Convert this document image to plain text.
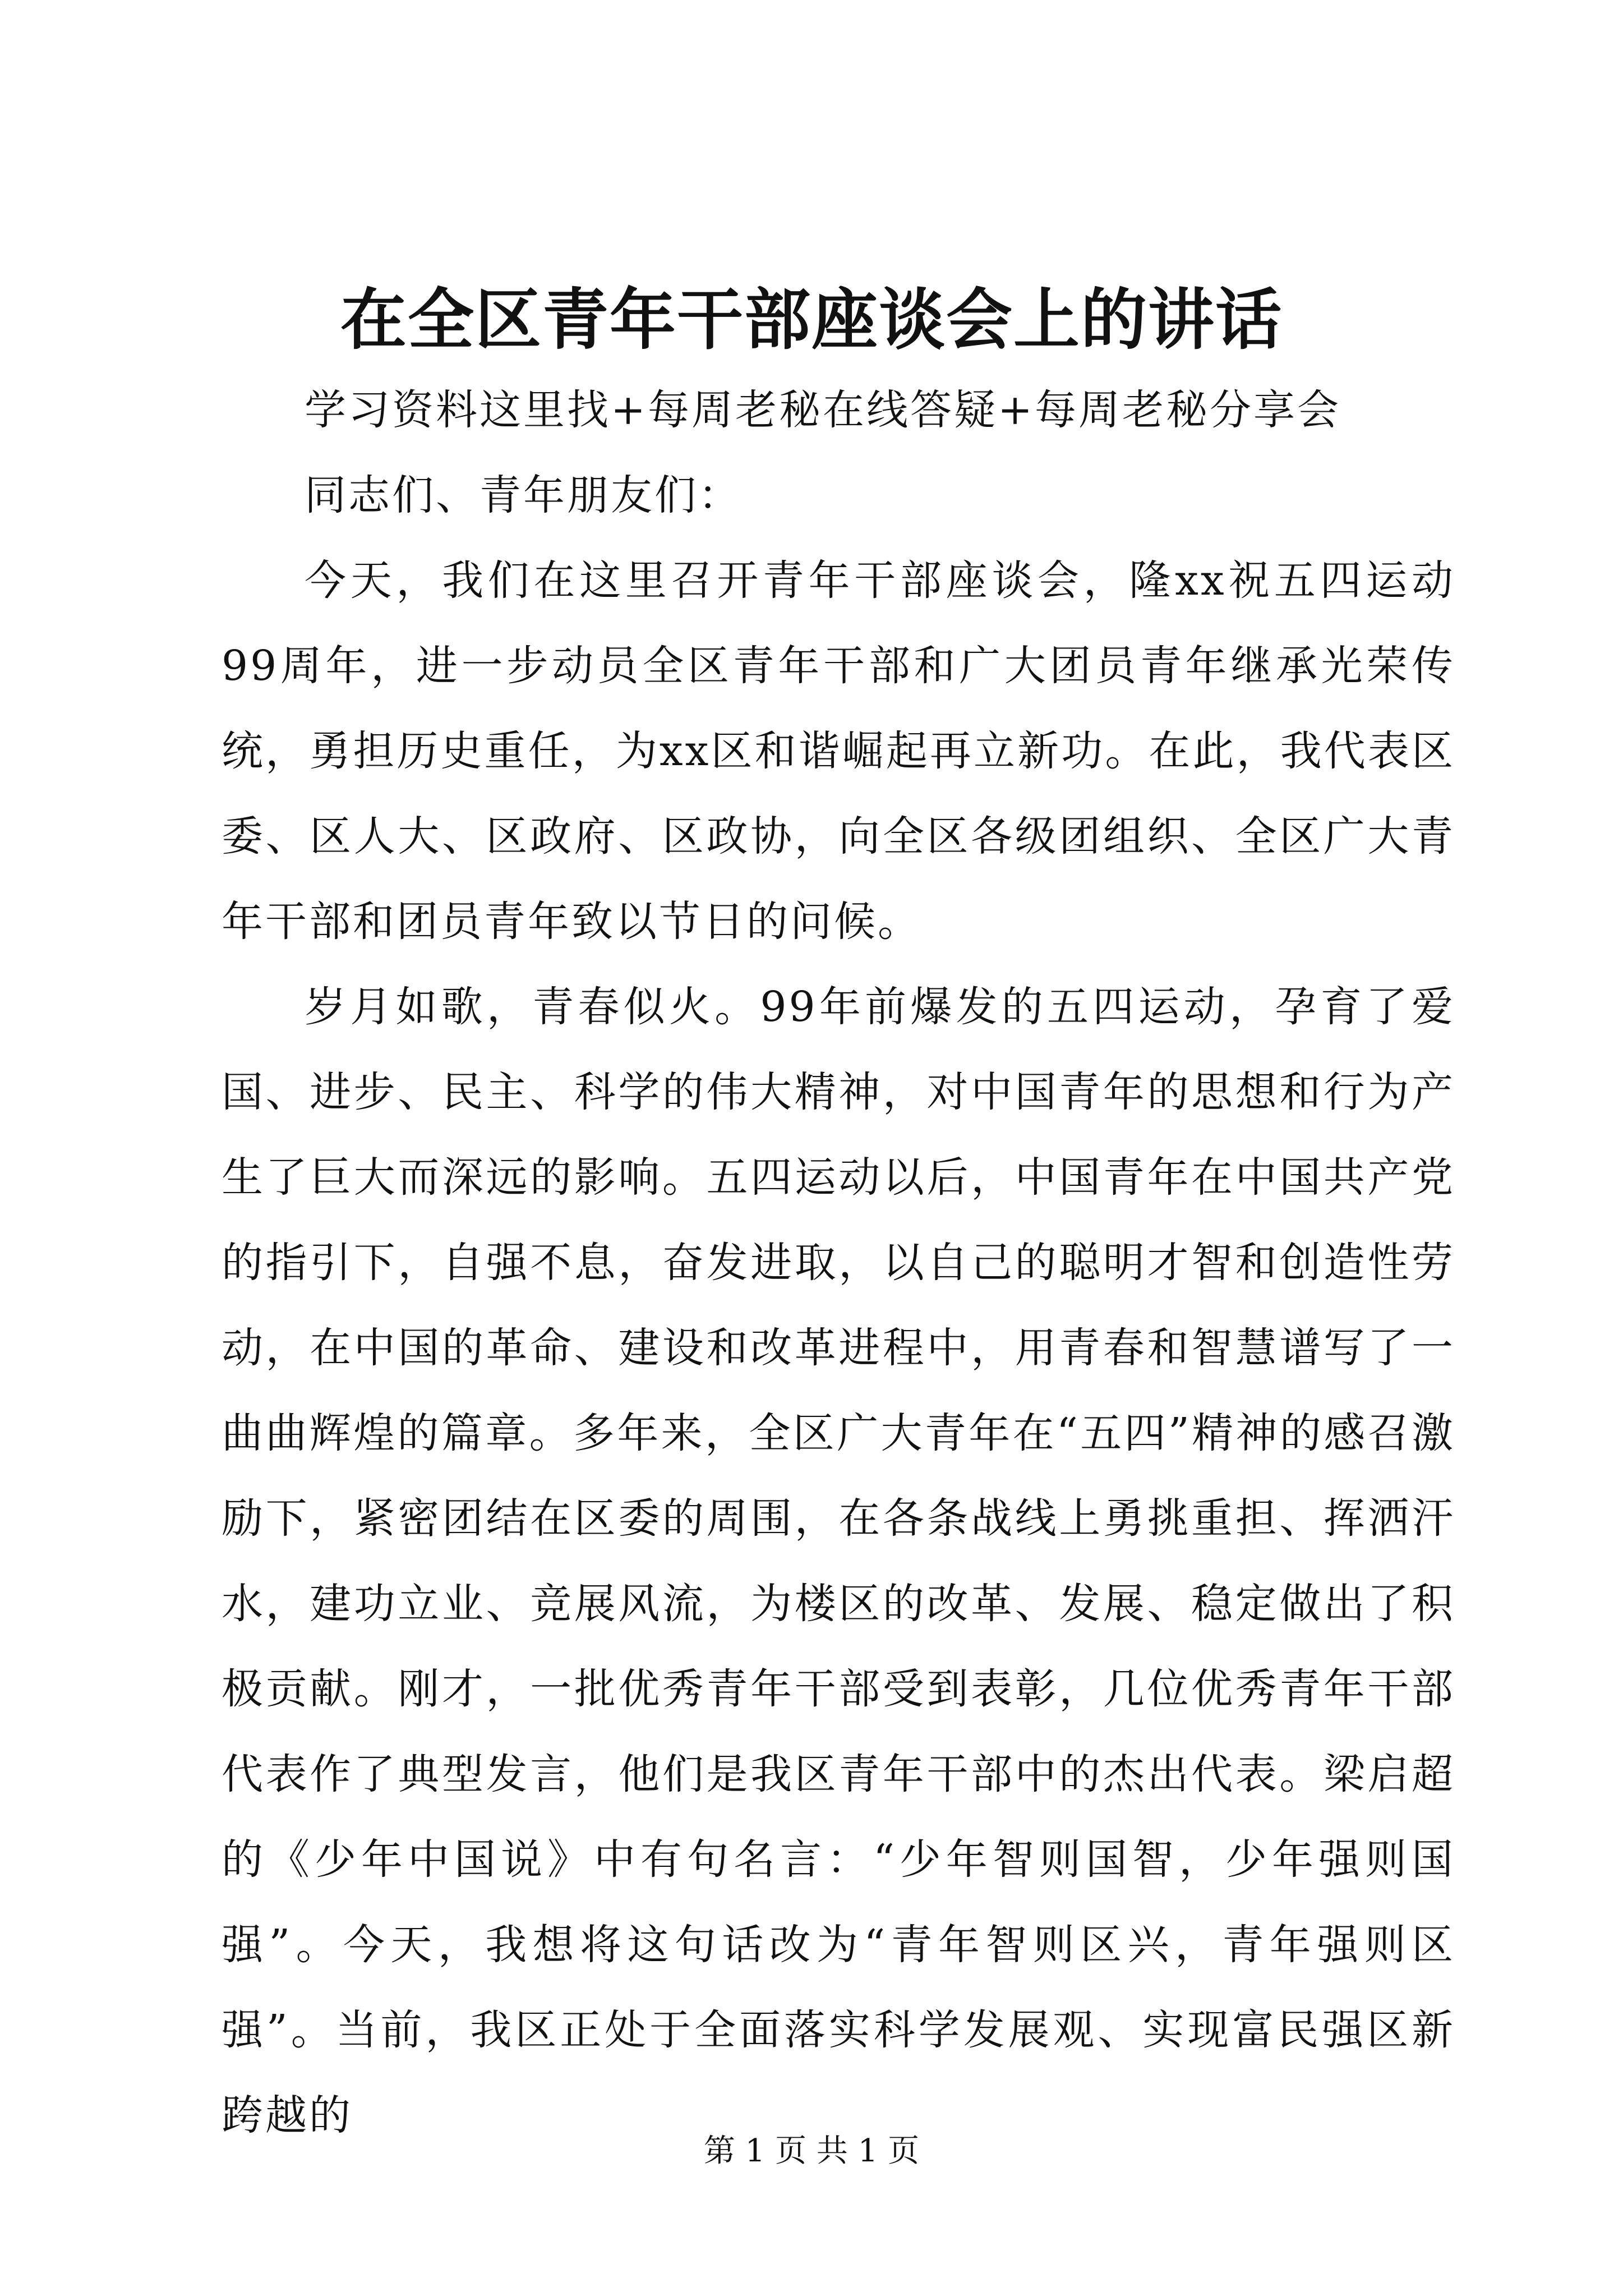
在全区青年干部座谈会上的讲话

学习资料这里找+每周老秘在线答疑+每周老秘分享会

同志们、青年朋友们：

今天，我们在这里召开青年干部座谈会，隆xx祝五四运动99周年，进一步动员全区青年干部和广大团员青年继承光荣传统，勇担历史重任，为xx区和谐崛起再立新功。在此，我代表区委、区人大、区政府、区政协，向全区各级团组织、全区广大青年干部和团员青年致以节日的问候。

岁月如歌，青春似火。99年前爆发的五四运动，孕育了爱国、进步、民主、科学的伟大精神，对中国青年的思想和行为产生了巨大而深远的影响。五四运动以后，中国青年在中国共产党的指引下，自强不息，奋发进取，以自己的聪明才智和创造性劳动，在中国的革命、建设和改革进程中，用青春和智慧谱写了一曲曲辉煌的篇章。多年来，全区广大青年在“五四”精神的感召激励下，紧密团结在区委的周围，在各条战线上勇挑重担、挥洒汗水，建功立业、竞展风流，为楼区的改革、发展、稳定做出了积极贡献。刚才，一批优秀青年干部受到表彰，几位优秀青年干部代表作了典型发言，他们是我区青年干部中的杰出代表。梁启超的《少年中国说》中有句名言：“少年智则国智，少年强则国强”。今天，我想将这句话改为“青年智则区兴，青年强则区强”。当前，我区正处于全面落实科学发展观、实现富民强区新跨越的

第 1 页 共 1 页
